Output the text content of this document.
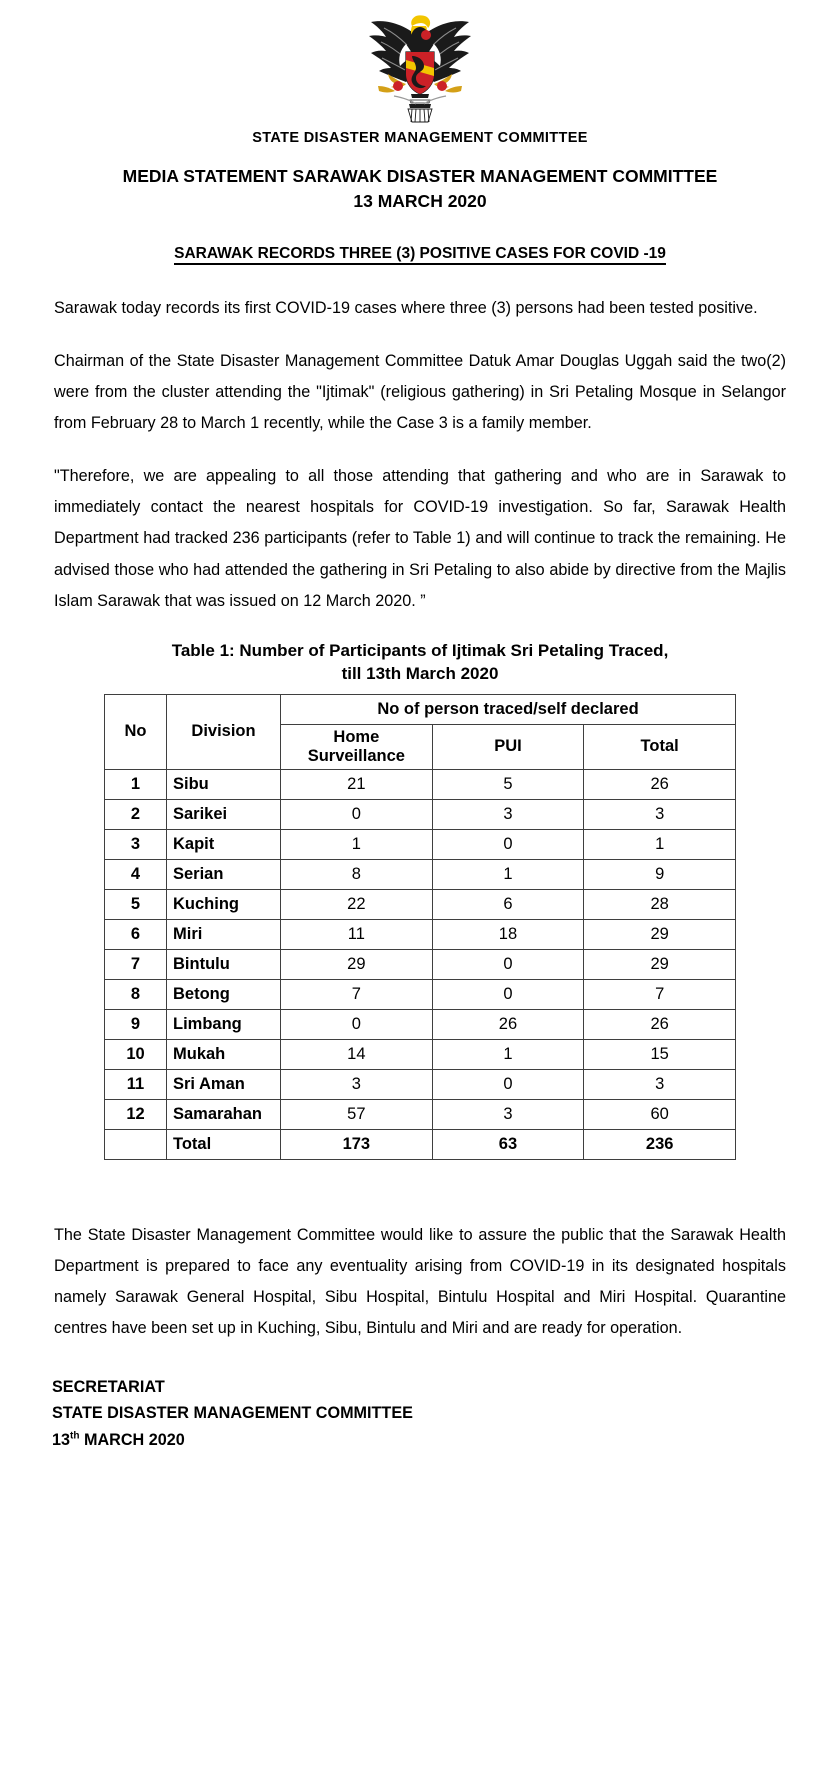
STATE DISASTER MANAGEMENT COMMITTEE
MEDIA STATEMENT SARAWAK DISASTER MANAGEMENT COMMITTEE
13 MARCH 2020
SARAWAK RECORDS THREE (3) POSITIVE CASES FOR COVID -19

Sarawak today records its first COVID-19 cases where three (3) persons had been tested positive.

Chairman of the State Disaster Management Committee Datuk Amar Douglas Uggah said the two(2) were from the cluster attending the "Ijtimak" (religious gathering) in Sri Petaling Mosque in Selangor from February 28 to March 1 recently, while the Case 3 is a family member.

"Therefore, we are appealing to all those attending that gathering and who are in Sarawak to immediately contact the nearest hospitals for COVID-19 investigation. So far, Sarawak Health Department had tracked 236 participants (refer to Table 1) and will continue to track the remaining. He advised those who had attended the gathering in Sri Petaling to also abide by directive from the Majlis Islam Sarawak that was issued on 12 March 2020. ”

Table 1: Number of Participants of Ijtimak Sri Petaling Traced,
till 13th March 2020
No	Division	No of person traced/self declared		
		Home Surveillance	PUI	Total
1	Sibu	21	5	26
2	Sarikei	0	3	3
3	Kapit	1	0	1
4	Serian	8	1	9
5	Kuching	22	6	28
6	Miri	11	18	29
7	Bintulu	29	0	29
8	Betong	7	0	7
9	Limbang	0	26	26
10	Mukah	14	1	15
11	Sri Aman	3	0	3
12	Samarahan	57	3	60
	Total	173	63	236

The State Disaster Management Committee would like to assure the public that the Sarawak Health Department is prepared to face any eventuality arising from COVID-19 in its designated hospitals namely Sarawak General Hospital, Sibu Hospital, Bintulu Hospital and Miri Hospital. Quarantine centres have been set up in Kuching, Sibu, Bintulu and Miri and are ready for operation.

SECRETARIAT
STATE DISASTER MANAGEMENT COMMITTEE
13th MARCH 2020
